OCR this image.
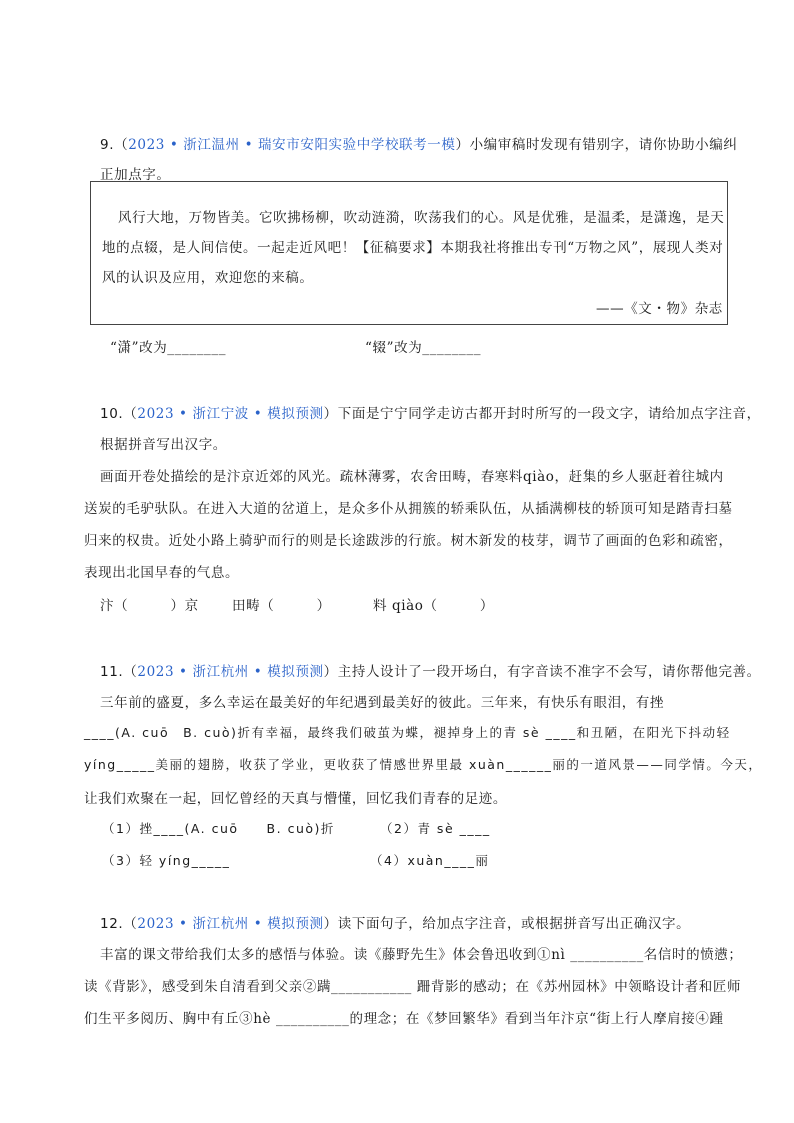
9.（2023 • 浙江温州 • 瑞安市安阳实验中学校联考一模）小编审稿时发现有错别字，请你协助小编纠
正加点字。
风行大地，万物皆美。它吹拂杨柳，吹动涟漪，吹荡我们的心。风是优雅，是温柔，是潇逸，是天
地的点辍，是人间信使。一起走近风吧！【征稿要求】本期我社将推出专刊“万物之风”，展现人类对
风的认识及应用，欢迎您的来稿。
——《文・物》杂志
“潇”改为________	“辍”改为________
10.（2023 • 浙江宁波 • 模拟预测）下面是宁宁同学走访古都开封时所写的一段文字，请给加点字注音，
根据拼音写出汉字。
画面开卷处描绘的是汴京近郊的风光。疏林薄雾，农舍田畴，春寒料qiào，赶集的乡人驱赶着往城内
送炭的毛驴驮队。在进入大道的岔道上，是众多仆从拥簇的轿乘队伍，从插满柳枝的轿顶可知是踏青扫墓
归来的权贵。近处小路上骑驴而行的则是长途跋涉的行旅。树木新发的枝芽，调节了画面的色彩和疏密，
表现出北国早春的气息。
汴（　　　）京 田畴（　　　）	料 qiào（　　　）
11.（2023 • 浙江杭州 • 模拟预测）主持人设计了一段开场白，有字音读不准字不会写，请你帮他完善。
三年前的盛夏，多么幸运在最美好的年纪遇到最美好的彼此。三年来，有快乐有眼泪，有挫
____(A. cuō　B. cuò)折有幸福，最终我们破茧为蝶，褪掉身上的青 sè ____和丑陋，在阳光下抖动轻
yíng_____美丽的翅膀，收获了学业，更收获了情感世界里最 xuàn______丽的一道风景——同学情。今天，
让我们欢聚在一起，回忆曾经的天真与懵懂，回忆我们青春的足迹。
（1）挫____(A. cuō　　B. cuò)折	（2）青 sè ____
（3）轻 yíng_____	（4）xuàn____丽
12.（2023 • 浙江杭州 • 模拟预测）读下面句子，给加点字注音，或根据拼音写出正确汉字。
丰富的课文带给我们太多的感悟与体验。读《藤野先生》体会鲁迅收到①nì __________名信时的愤懑；
读《背影》，感受到朱自清看到父亲②蹒___________ 跚背影的感动；在《苏州园林》中领略设计者和匠师
们生平多阅历、胸中有丘③hè __________的理念；在《梦回繁华》看到当年汴京“街上行人摩肩接④踵
